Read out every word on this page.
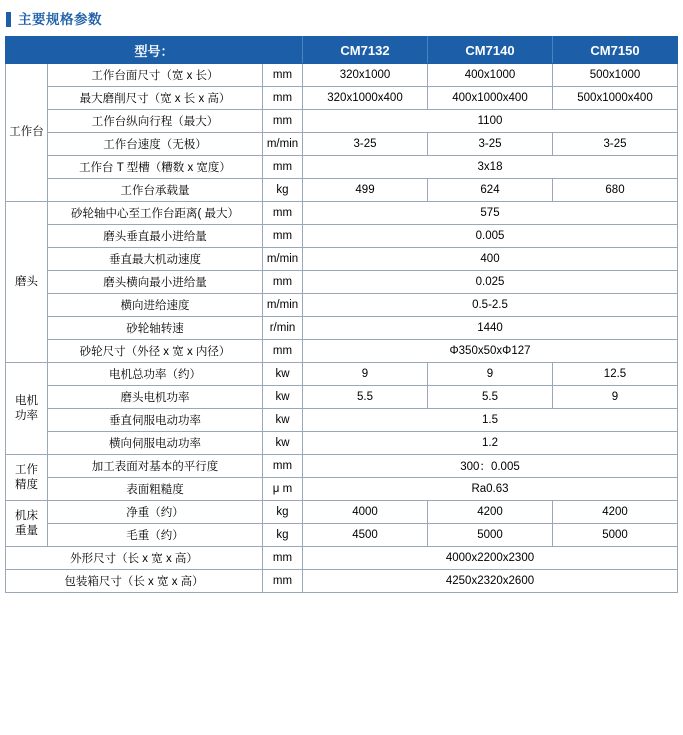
主要规格参数
型号：			CM7132	CM7140	CM7150
工作台	工作台面尺寸（宽 x 长）	mm	320x1000	400x1000	500x1000
	最大磨削尺寸（宽 x 长 x 高）	mm	320x1000x400	400x1000x400	500x1000x400
	工作台纵向行程（最大）	mm	1100		
	工作台速度（无极）	m/min	3-25	3-25	3-25
	工作台 T 型槽（糟数 x 宽度）	mm	3x18		
	工作台承载量	kg	499	624	680
磨头	砂轮轴中心至工作台距离( 最大）	mm	575		
	磨头垂直最小进给量	mm	0.005		
	垂直最大机动速度	m/min	400		
	磨头横向最小进给量	mm	0.025		
	横向进给速度	m/min	0.5-2.5		
	砂轮轴转速	r/min	1440		
	砂轮尺寸（外径 x 宽 x 内径）	mm	Φ350x50xΦ127		
电机
功率	电机总功率（约）	kw	9	9	12.5
	磨头电机功率	kw	5.5	5.5	9
	垂直伺服电动功率	kw	1.5		
	横向伺服电动功率	kw	1.2		
工作
精度	加工表面对基本的平行度	mm	300：0.005		
	表面粗糙度	μ m	Ra0.63		
机床
重量	净重（约）	kg	4000	4200	4200
	毛重（约）	kg	4500	5000	5000
外形尺寸（长 x 宽 x 高）		mm	4000x2200x2300		
包装箱尺寸（长 x 宽 x 高）		mm	4250x2320x2600		
